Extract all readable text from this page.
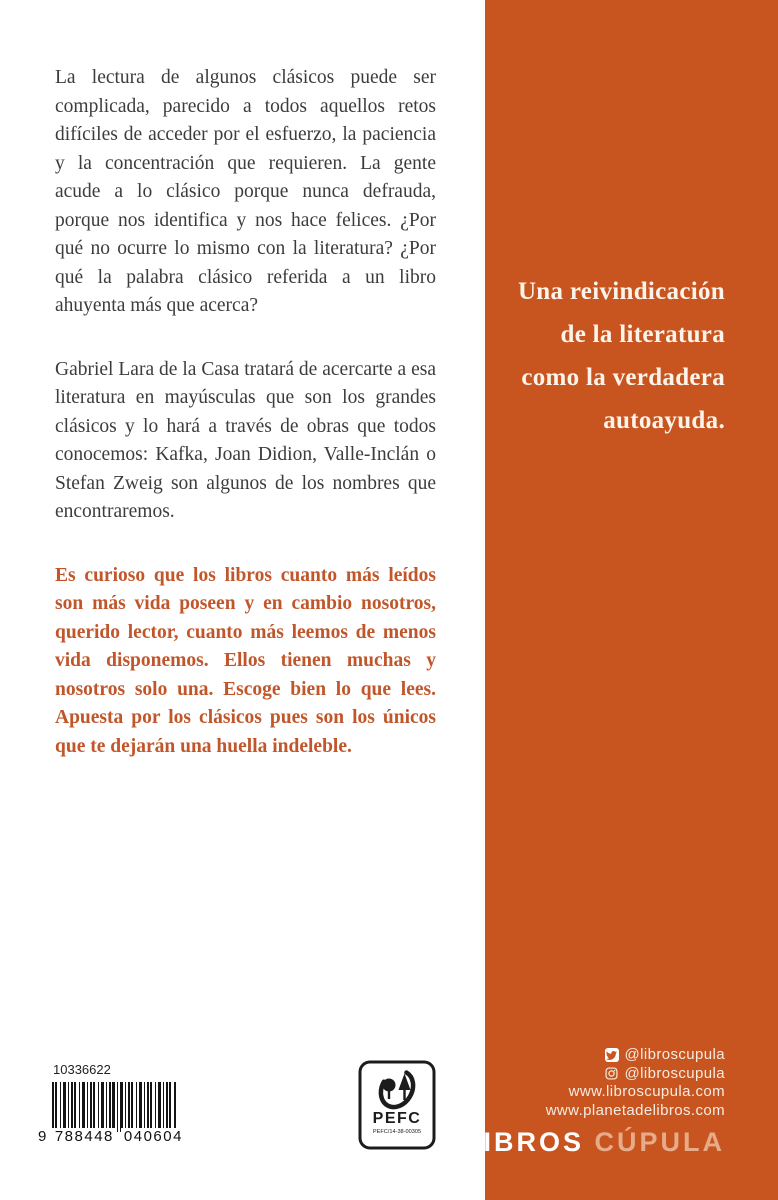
La lectura de algunos clásicos puede ser complicada, parecido a todos aquellos retos difíciles de acceder por el esfuerzo, la paciencia y la concentración que requieren. La gente acude a lo clásico porque nunca defrauda, porque nos identifica y nos hace felices. ¿Por qué no ocurre lo mismo con la literatura? ¿Por qué la palabra clásico referida a un libro ahuyenta más que acerca?

Gabriel Lara de la Casa tratará de acercarte a esa literatura en mayúsculas que son los grandes clásicos y lo hará a través de obras que todos conocemos: Kafka, Joan Didion, Valle-Inclán o Stefan Zweig son algunos de los nombres que encontraremos.

Es curioso que los libros cuanto más leídos son más vida poseen y en cambio nosotros, querido lector, cuanto más leemos de menos vida disponemos. Ellos tienen muchas y nosotros solo una. Escoge bien lo que lees. Apuesta por los clásicos pues son los únicos que te dejarán una huella indeleble.

Una reivindicación
de la literatura
como la verdadera
autoayuda.
@libroscupula
@libroscupula
www.libroscupula.com
www.planetadelibros.com
LIBROS CÚPULA
10336622
9 788448 040604
PEFC
PEFC/14-38-00305
